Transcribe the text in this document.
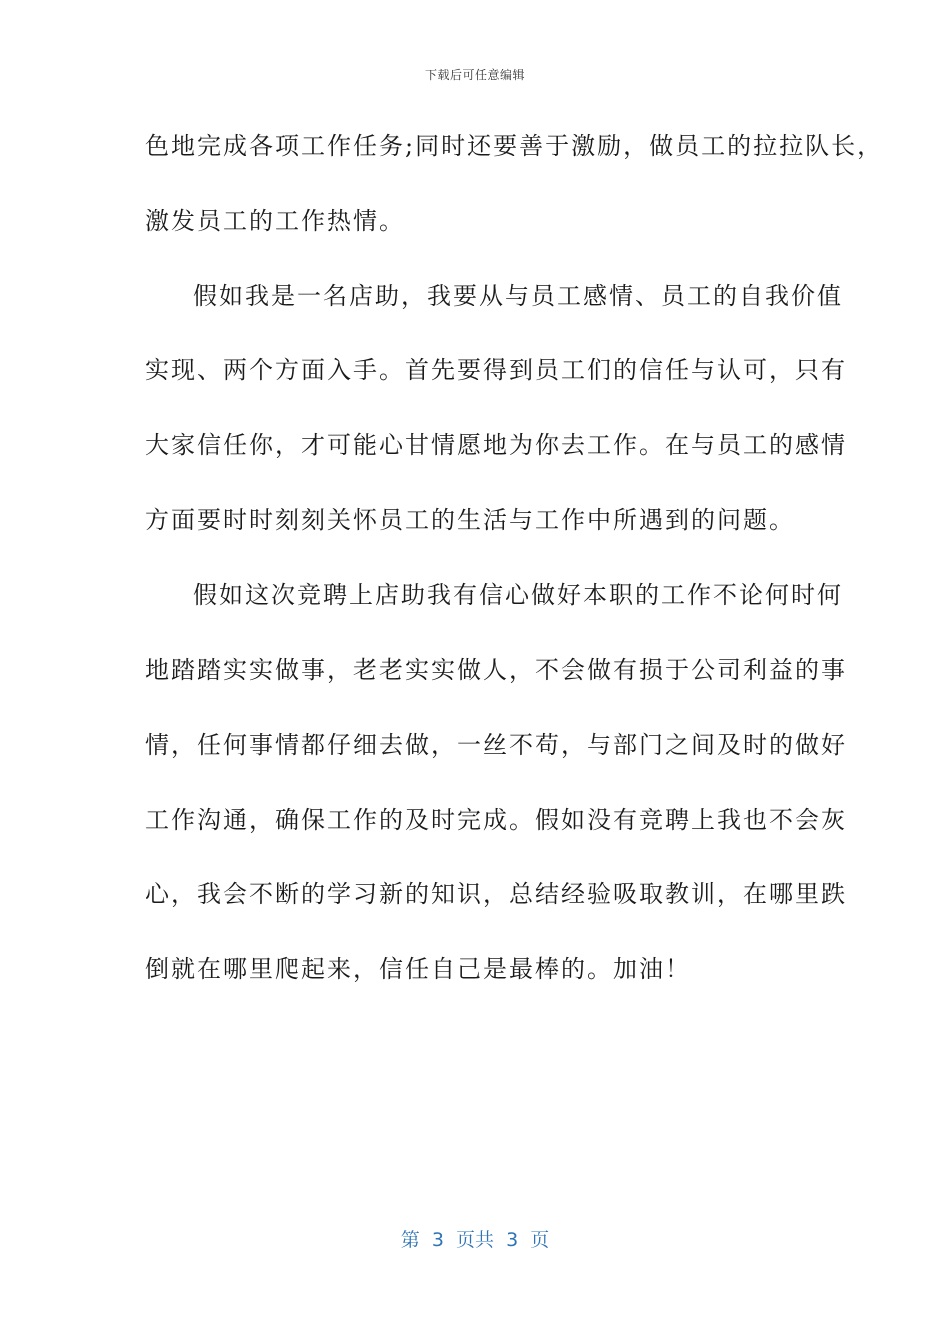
下载后可任意编辑
色地完成各项工作任务;同时还要善于激励，做员工的拉拉队长，
激发员工的工作热情。
假如我是一名店助，我要从与员工感情、员工的自我价值
实现、两个方面入手。首先要得到员工们的信任与认可，只有
大家信任你，才可能心甘情愿地为你去工作。在与员工的感情
方面要时时刻刻关怀员工的生活与工作中所遇到的问题。
假如这次竞聘上店助我有信心做好本职的工作不论何时何
地踏踏实实做事，老老实实做人，不会做有损于公司利益的事
情，任何事情都仔细去做，一丝不苟，与部门之间及时的做好
工作沟通，确保工作的及时完成。假如没有竞聘上我也不会灰
心，我会不断的学习新的知识，总结经验吸取教训，在哪里跌
倒就在哪里爬起来，信任自己是最棒的。加油！
第  3  页共  3  页
